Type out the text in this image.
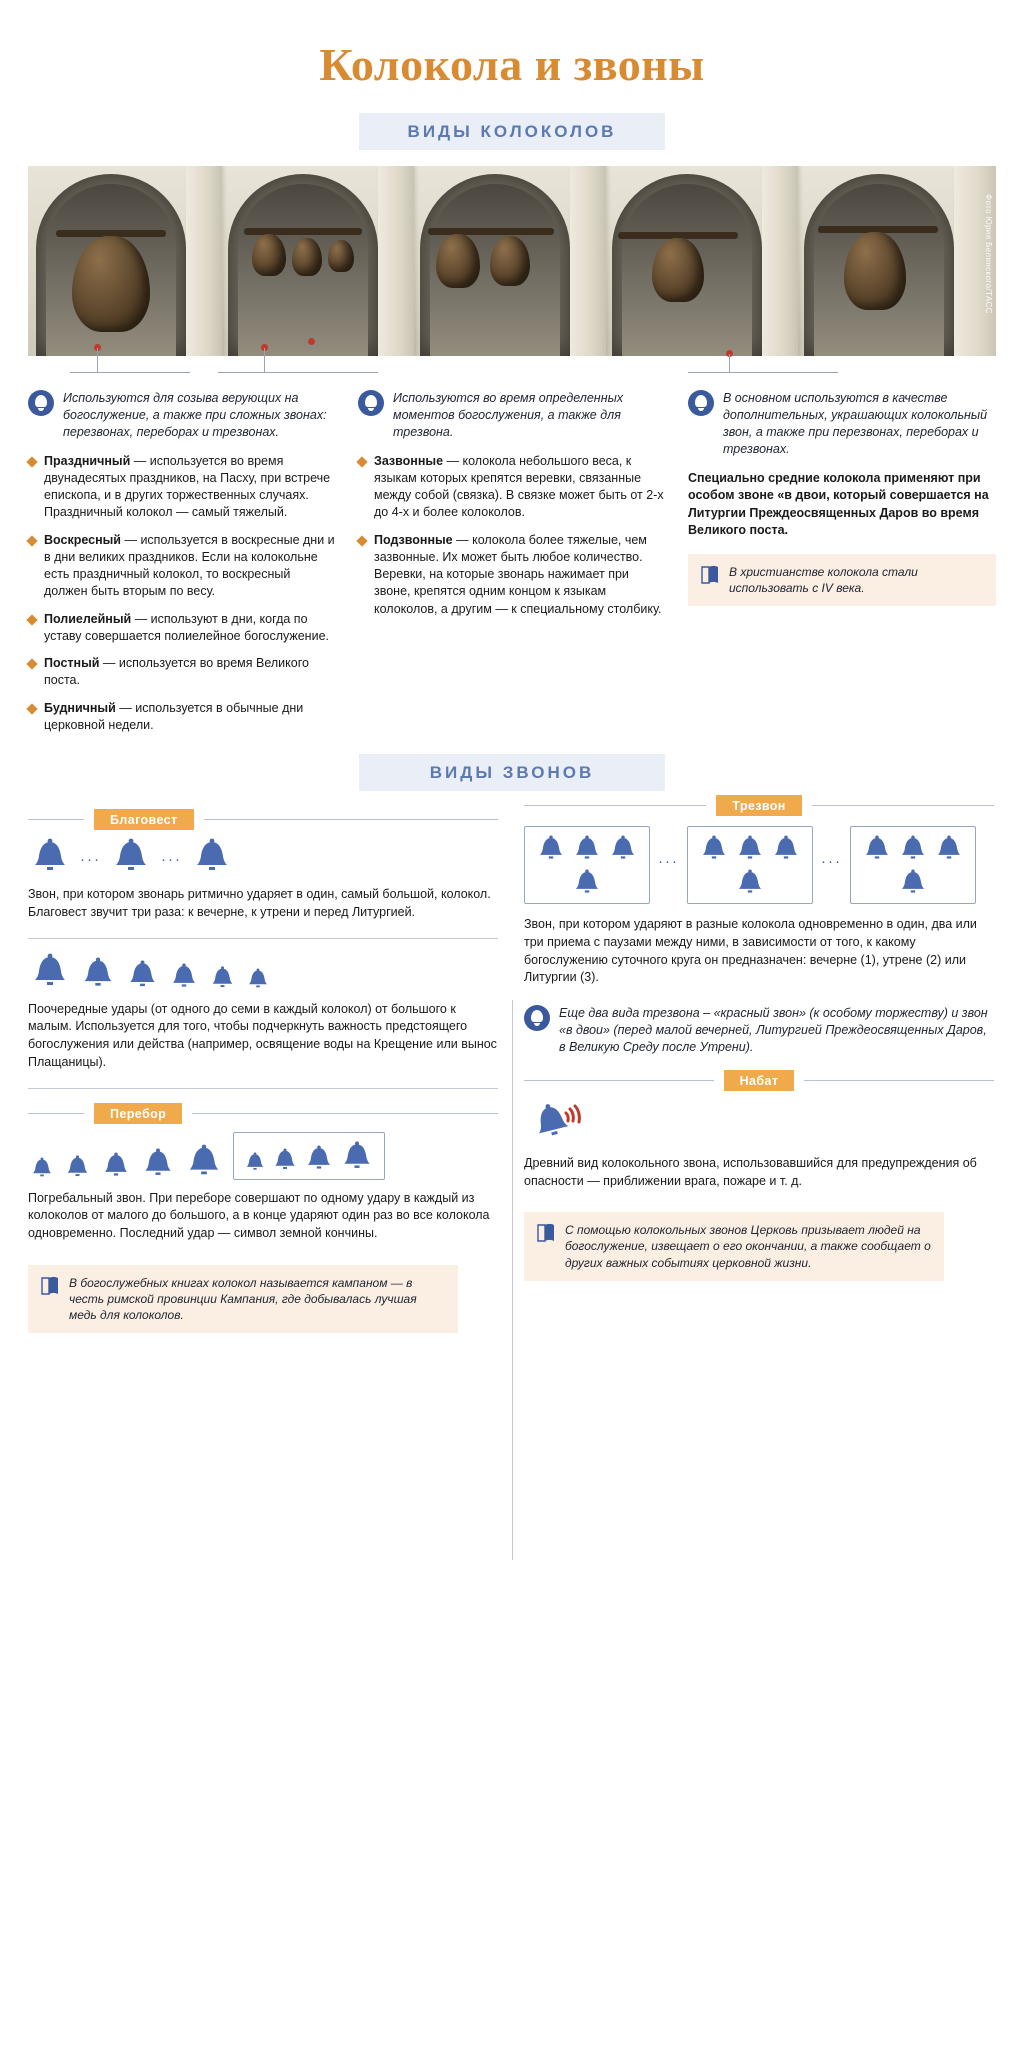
Колокола и звоны
ВИДЫ КОЛОКОЛОВ
Фото Юрия Белинского/ТАСС
Используются для созыва верующих на богослужение, а также при сложных звонах: перезвонах, переборах и трезвонах.
Праздничный — используется во время двунадесятых праздников, на Пасху, при встрече епископа, и в других торжественных случаях. Праздничный колокол — самый тяжелый.
Воскресный — используется в воскресные дни и в дни великих праздников. Если на колокольне есть праздничный колокол, то воскресный должен быть вторым по весу.
Полиелейный — используют в дни, когда по уставу совершается полиелейное богослужение.
Постный — используется во время Великого поста.
Будничный — используется в обычные дни церковной недели.
Используются во время определенных моментов богослужения, а также для трезвона.
Зазвонные — колокола небольшого веса, к языкам которых крепятся веревки, связанные между собой (связка). В связке может быть от 2-х до 4-х и более колоколов.
Подзвонные — колокола более тяжелые, чем зазвонные. Их может быть любое количество. Веревки, на которые звонарь нажимает при звоне, крепятся одним концом к языкам колоколов, а другим — к специальному столбику.
В основном используются в качестве дополнительных, украшающих колокольный звон, а также при перезвонах, переборах и трезвонах.
Специально средние колокола применяют при особом звоне «в двои, который совершается на Литургии Преждеосвященных Даров во время Великого поста.
В христианстве колокола стали использовать с IV века.
ВИДЫ ЗВОНОВ
Благовест
···	···
Звон, при котором звонарь ритмично ударяет в один, самый большой, колокол. Благовест звучит три раза: к вечерне, к утрени и перед Литургией.
Поочередные удары (от одного до семи в каждый колокол) от большого к малым. Используется для того, чтобы подчеркнуть важность предстоящего богослужения или действа (например, освящение воды на Крещение или вынос Плащаницы).
Перебор
Погребальный звон. При переборе совершают по одному удару в каждый из колоколов от малого до большого, а в конце ударяют один раз во все колокола одновременно. Последний удар — символ земной кончины.
В богослужебных книгах колокол называется кампаном — в честь римской провинции Кампания, где добывалась лучшая медь для колоколов.
Трезвон
···	···
Звон, при котором ударяют в разные колокола одновременно в один, два или три приема с паузами между ними, в зависимости от того, к какому богослужению суточного круга он предназначен: вечерне (1), утрене (2) или Литургии (3).
Еще два вида трезвона – «красный звон» (к особому торжеству) и звон «в двои» (перед малой вечерней, Литургией Преждеосвященных Даров, в Великую Среду после Утрени).
Набат
Древний вид колокольного звона, использовавшийся для предупреждения об опасности — приближении врага, пожаре и т. д.
С помощью колокольных звонов Церковь призывает людей на богослужение, извещает о его окончании, а также сообщает о других важных событиях церковной жизни.
